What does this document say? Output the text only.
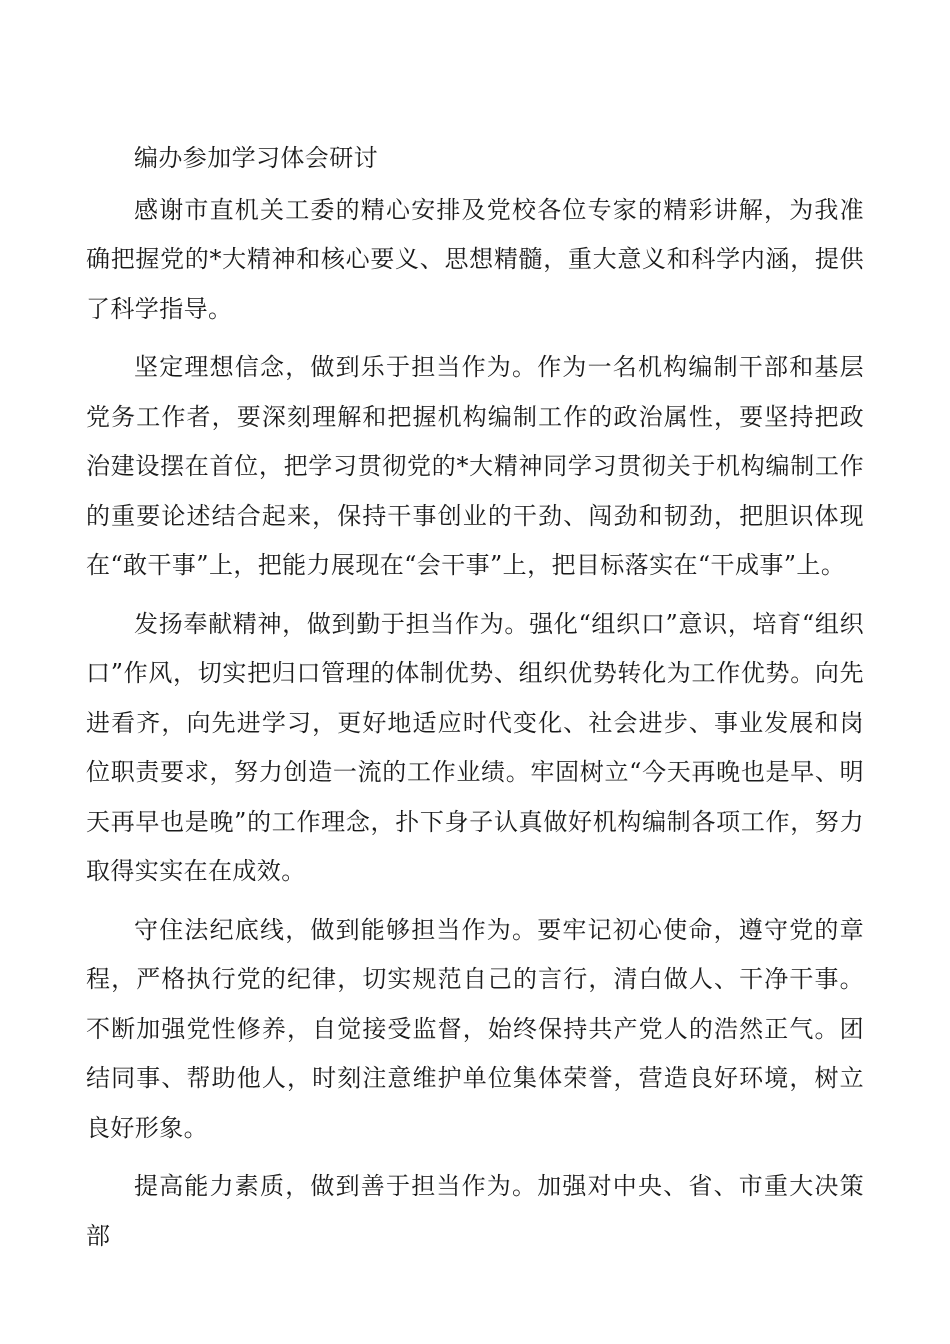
编办参加学习体会研讨

感谢市直机关工委的精心安排及党校各位专家的精彩讲解，为我准确把握党的*大精神和核心要义、思想精髓，重大意义和科学内涵，提供了科学指导。

坚定理想信念，做到乐于担当作为。作为一名机构编制干部和基层党务工作者，要深刻理解和把握机构编制工作的政治属性，要坚持把政治建设摆在首位，把学习贯彻党的*大精神同学习贯彻关于机构编制工作的重要论述结合起来，保持干事创业的干劲、闯劲和韧劲，把胆识体现在“敢干事”上，把能力展现在“会干事”上，把目标落实在“干成事”上。

发扬奉献精神，做到勤于担当作为。强化“组织口”意识，培育“组织口”作风，切实把归口管理的体制优势、组织优势转化为工作优势。向先进看齐，向先进学习，更好地适应时代变化、社会进步、事业发展和岗位职责要求，努力创造一流的工作业绩。牢固树立“今天再晚也是早、明天再早也是晚”的工作理念，扑下身子认真做好机构编制各项工作，努力取得实实在在成效。

守住法纪底线，做到能够担当作为。要牢记初心使命，遵守党的章程，严格执行党的纪律，切实规范自己的言行，清白做人、干净干事。不断加强党性修养，自觉接受监督，始终保持共产党人的浩然正气。团结同事、帮助他人，时刻注意维护单位集体荣誉，营造良好环境，树立良好形象。

提高能力素质，做到善于担当作为。加强对中央、省、市重大决策部
